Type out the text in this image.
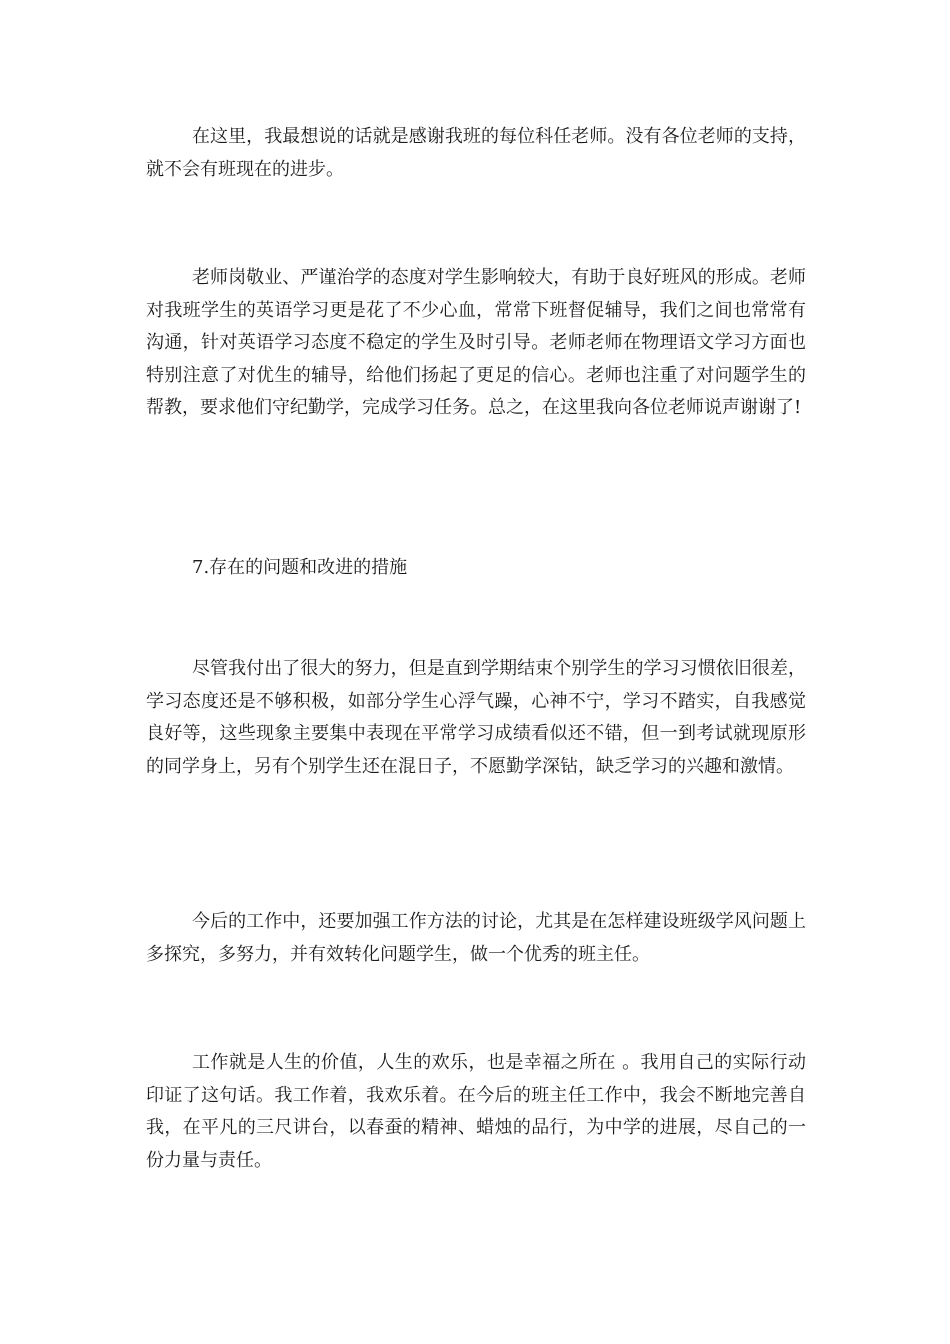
在这里，我最想说的话就是感谢我班的每位科任老师。没有各位老师的支持，就不会有班现在的进步。

老师岗敬业、严谨治学的态度对学生影响较大，有助于良好班风的形成。老师对我班学生的英语学习更是花了不少心血，常常下班督促辅导，我们之间也常常有沟通，针对英语学习态度不稳定的学生及时引导。老师老师在物理语文学习方面也特别注意了对优生的辅导，给他们扬起了更足的信心。老师也注重了对问题学生的帮教，要求他们守纪勤学，完成学习任务。总之，在这里我向各位老师说声谢谢了!

7.存在的问题和改进的措施

尽管我付出了很大的努力，但是直到学期结束个别学生的学习习惯依旧很差，学习态度还是不够积极，如部分学生心浮气躁，心神不宁，学习不踏实，自我感觉良好等，这些现象主要集中表现在平常学习成绩看似还不错，但一到考试就现原形的同学身上，另有个别学生还在混日子，不愿勤学深钻，缺乏学习的兴趣和激情。

今后的工作中，还要加强工作方法的讨论，尤其是在怎样建设班级学风问题上多探究，多努力，并有效转化问题学生，做一个优秀的班主任。

工作就是人生的价值，人生的欢乐，也是幸福之所在 。我用自己的实际行动印证了这句话。我工作着，我欢乐着。在今后的班主任工作中，我会不断地完善自我，在平凡的三尺讲台，以春蚕的精神、蜡烛的品行，为中学的进展，尽自己的一份力量与责任。
